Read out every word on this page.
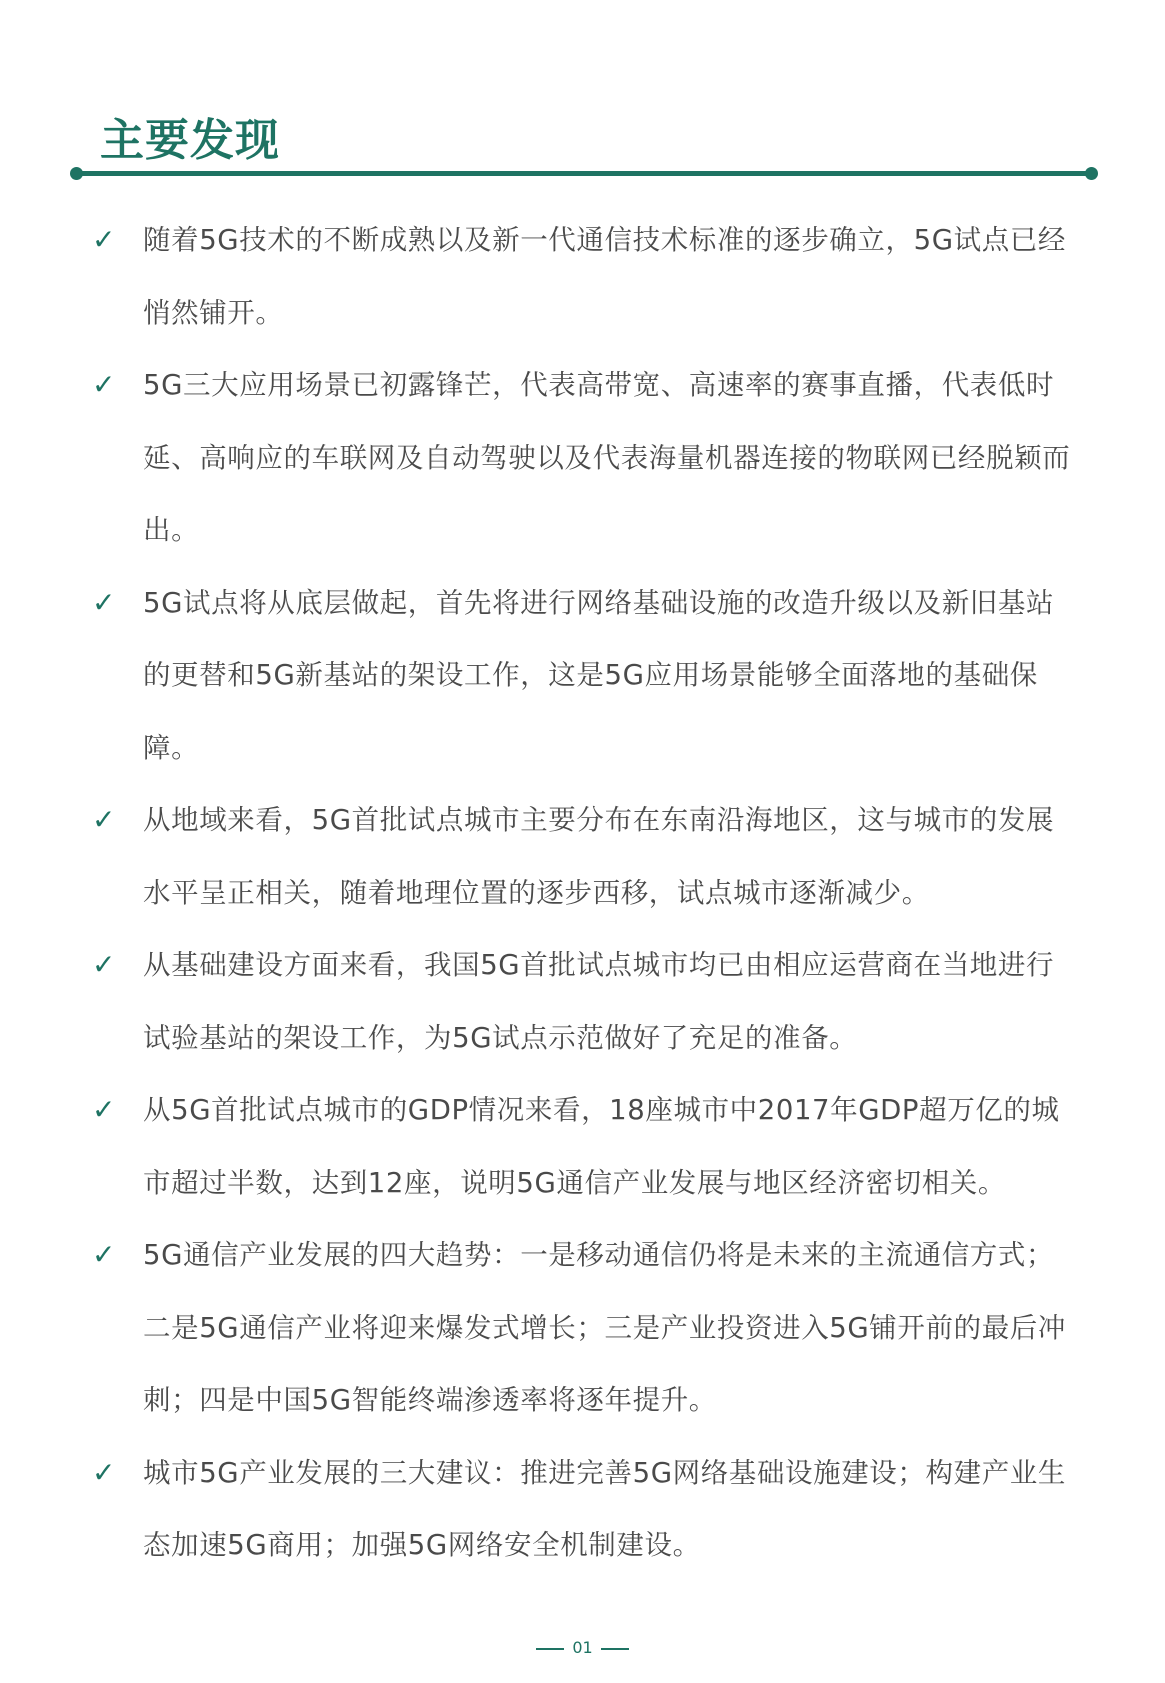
主要发现
✓ 随着5G技术的不断成熟以及新一代通信技术标准的逐步确立，5G试点已经悄然铺开。
✓ 5G三大应用场景已初露锋芒，代表高带宽、高速率的赛事直播，代表低时延、高响应的车联网及自动驾驶以及代表海量机器连接的物联网已经脱颖而出。
✓ 5G试点将从底层做起，首先将进行网络基础设施的改造升级以及新旧基站的更替和5G新基站的架设工作，这是5G应用场景能够全面落地的基础保障。
✓ 从地域来看，5G首批试点城市主要分布在东南沿海地区，这与城市的发展水平呈正相关，随着地理位置的逐步西移，试点城市逐渐减少。
✓ 从基础建设方面来看，我国5G首批试点城市均已由相应运营商在当地进行试验基站的架设工作，为5G试点示范做好了充足的准备。
✓ 从5G首批试点城市的GDP情况来看，18座城市中2017年GDP超万亿的城市超过半数，达到12座，说明5G通信产业发展与地区经济密切相关。
✓ 5G通信产业发展的四大趋势：一是移动通信仍将是未来的主流通信方式；二是5G通信产业将迎来爆发式增长；三是产业投资进入5G铺开前的最后冲刺；四是中国5G智能终端渗透率将逐年提升。
✓ 城市5G产业发展的三大建议：推进完善5G网络基础设施建设；构建产业生态加速5G商用；加强5G网络安全机制建设。
01
